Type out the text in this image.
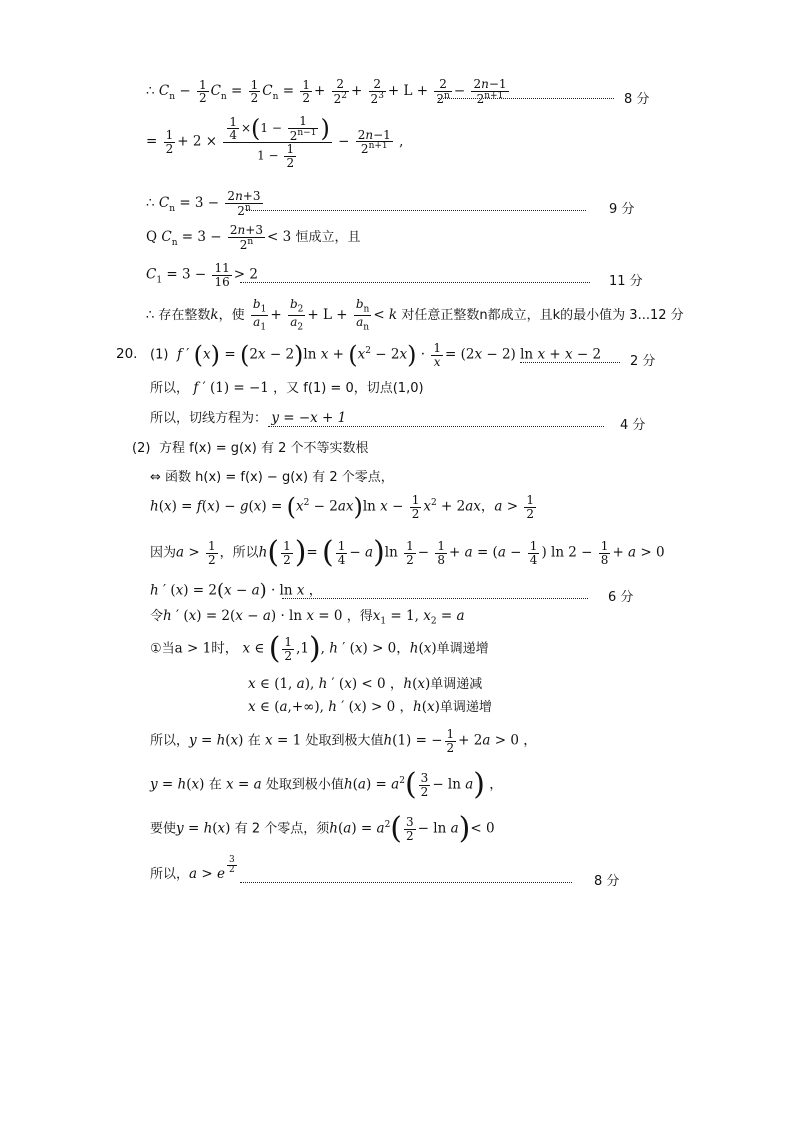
∴ $C_n - \frac{1}{2} C_n = \frac{1}{2} C_n = \frac{1}{2} + \frac{2}{2^2} + \frac{2}{2^3} + L + \frac{2}{2^n} - \frac{2n-1}{2^{n+1}}$	8 分
= $\frac{1}{2} + 2 \times \frac{\frac{1}{4} \times(1 - \frac{1}{2^{n-1}} )}{1 - \frac{1}{2}} - \frac{2n-1}{2^{n+1}}$ ,
∴ $C_n = 3 - \frac{2n+3}{2^n}$	9 分
Q $C_n = 3 - \frac{2n+3}{2^n} < 3$ 恒成立，且
$C_1 = 3 - \frac{11}{16} > 2$	11 分
∴ 存在整数k，使 $\frac{b_1}{a_1} + \frac{b_2}{a_2} + L + \frac{b_n}{a_n} < k$ 对任意正整数n都成立，且k的最小值为 3...12 分
20. (1) f ′ (x) = (2x − 2)ln $x + (x^2 - 2x) \cdot \frac{1}{x} = (2x - 2)$ ln x + x − 2 2 分
所以， f ′ (1) = −1 ，又 f(1) = 0，切点(1,0)
所以，切线方程为： y = −x + 1	4 分
(2) 方程 f(x) = g(x) 有 2 个不等实数根
⇔ 函数 h(x) = f(x) − g(x) 有 2 个零点，
$h(x) = f(x) - g(x) = (x^2 - 2ax)\ln$ $x - \frac{1}{2} x^2 + 2ax$，$a > \frac{1}{2}$
因为$a > \frac{1}{2}$ ，所以$h( \frac{1}{2}$ )= ( $\frac{1}{4} - a)\ln \frac{1}{2} - \frac{1}{8} + a = (a - \frac{1}{4}$ ) $\ln 2 - \frac{1}{8} + a > 0$
h ′ (x) = 2(x − a) · ln x ，	6 分
令h ′ (x) = 2(x − a) · ln x = 0 ，得$x_1 = 1$, $x_2 = a$
①当a > 1时， x ∈ ( $\frac{1}{2} ,1$), h ′ (x) > 0，h(x)单调递增
x ∈ (1, a), h ′ (x) < 0 ，h(x)单调递减
x ∈ (a,+∞), h ′ (x) > 0 ，h(x)单调递增
所以，y = h(x) 在 x = 1 处取到极大值h(1) = − $\frac{1}{2} + 2a > 0$ ，
y = h(x) 在 x = a 处取到极小值$h(a) = a^2( \frac{3}{2} - \ln a)$ ，
要使y = h(x) 有 2 个零点，须$h(a) = a^2( \frac{3}{2} - \ln a)< 0$
所以，a > e $^{\frac{3}{2}}$
8 分
